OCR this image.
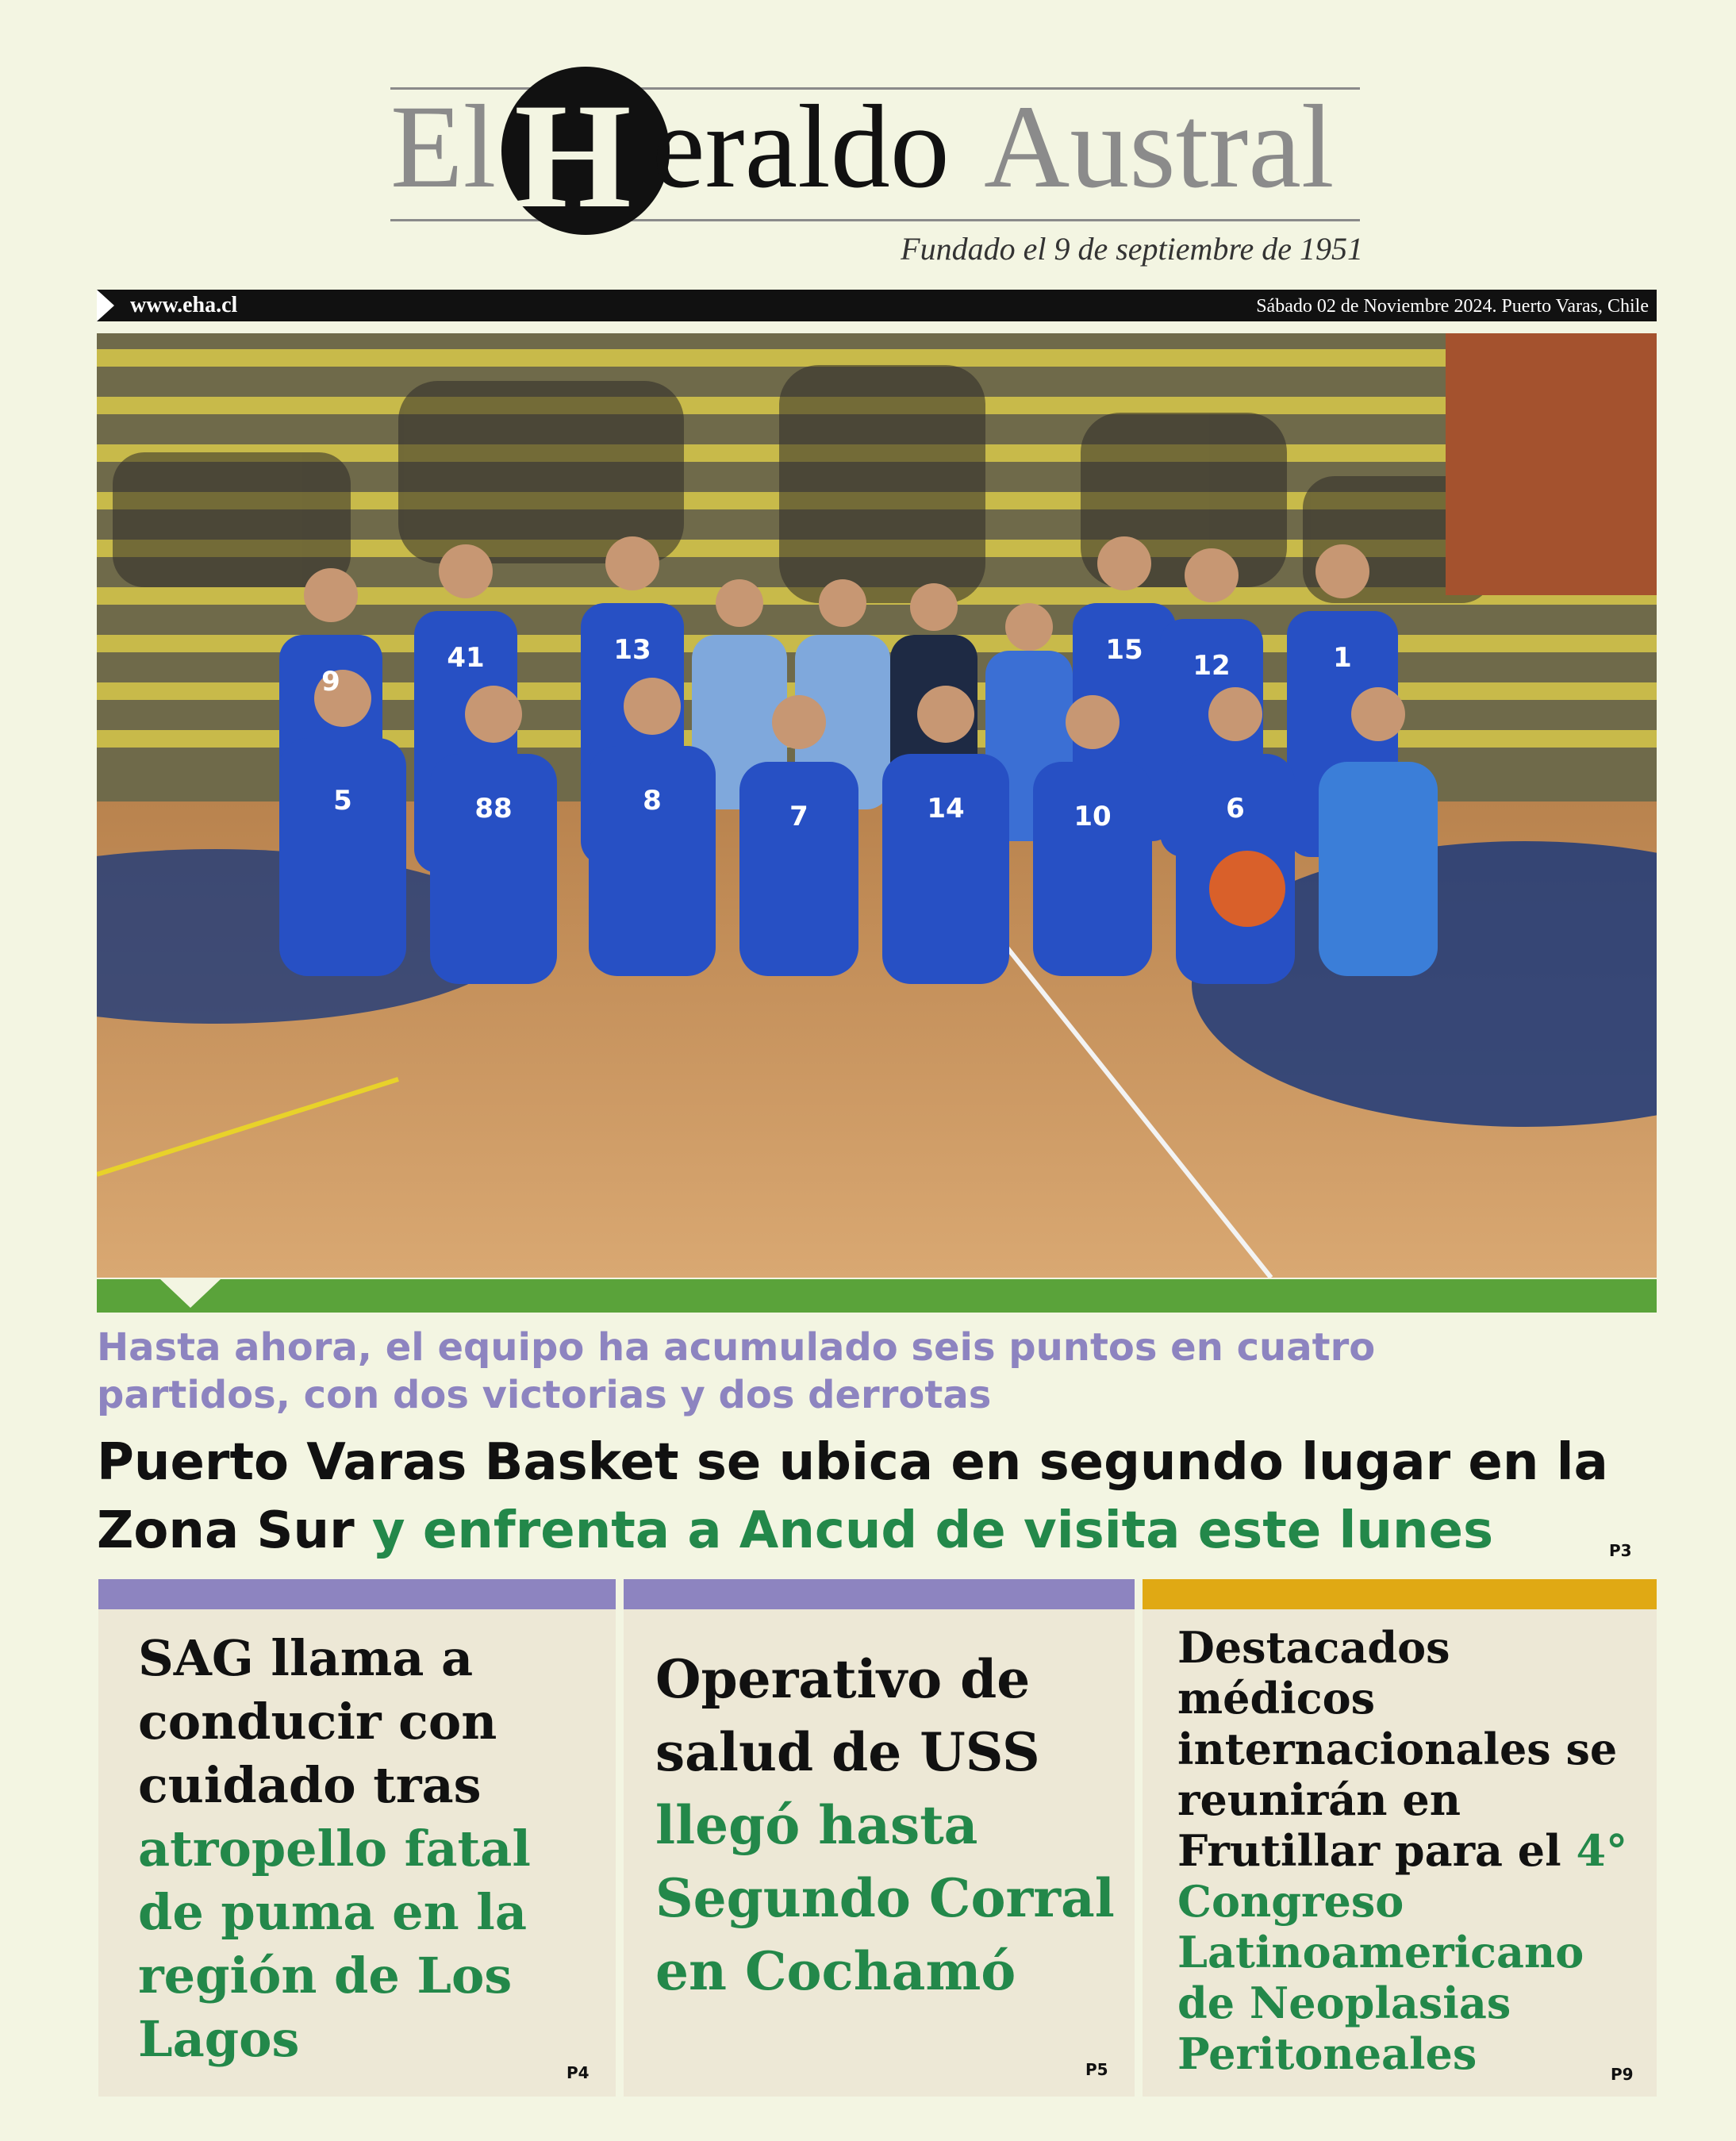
El H eraldo Austral
Fundado el 9 de septiembre de 1951
www.eha.cl	Sábado 02 de Noviembre 2024. Puerto Varas, Chile
9
41	13	15 12	1
5	88	8	7	14	10	6
Hasta ahora, el equipo ha acumulado seis puntos en cuatro partidos, con dos victorias y dos derrotas
Puerto Varas Basket se ubica en segundo lugar en la Zona Sur y enfrenta a Ancud de visita este lunes	P3
SAG llama a conducir con cuidado tras atropello fatal de puma en la región de Los Lagos
P4
Operativo de salud de USS llegó hasta Segundo Corral en Cochamó
P5
Destacados médicos internacionales se reunirán en Frutillar para el 4° Congreso Latinoamericano de Neoplasias Peritoneales	P9
